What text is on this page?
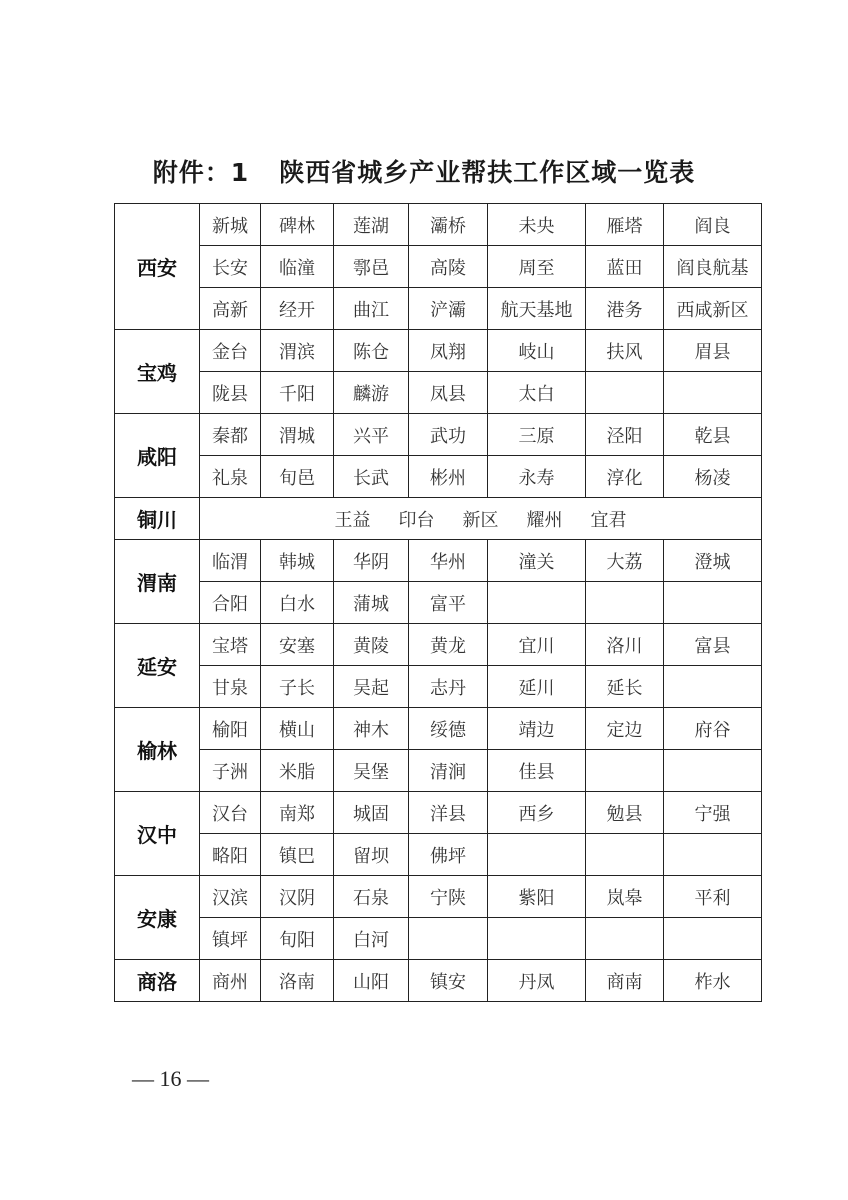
附件：1 陕西省城乡产业帮扶工作区域一览表
西安	新城	碑林	莲湖	灞桥	未央	雁塔	阎良
	长安	临潼	鄠邑	高陵	周至	蓝田	阎良航基
	高新	经开	曲江	浐灞	航天基地	港务	西咸新区
宝鸡	金台	渭滨	陈仓	凤翔	岐山	扶风	眉县
	陇县	千阳	麟游	凤县	太白		
咸阳	秦都	渭城	兴平	武功	三原	泾阳	乾县
	礼泉	旬邑	长武	彬州	永寿	淳化	杨凌
铜川	王益 印台 新区 耀州 宜君						
渭南	临渭	韩城	华阴	华州	潼关	大荔	澄城
	合阳	白水	蒲城	富平			
延安	宝塔	安塞	黄陵	黄龙	宜川	洛川	富县
	甘泉	子长	吴起	志丹	延川	延长	
榆林	榆阳	横山	神木	绥德	靖边	定边	府谷
	子洲	米脂	吴堡	清涧	佳县		
汉中	汉台	南郑	城固	洋县	西乡	勉县	宁强
	略阳	镇巴	留坝	佛坪			
安康	汉滨	汉阴	石泉	宁陕	紫阳	岚皋	平利
	镇坪	旬阳	白河				
商洛	商州	洛南	山阳	镇安	丹凤	商南	柞水
— 16 —
